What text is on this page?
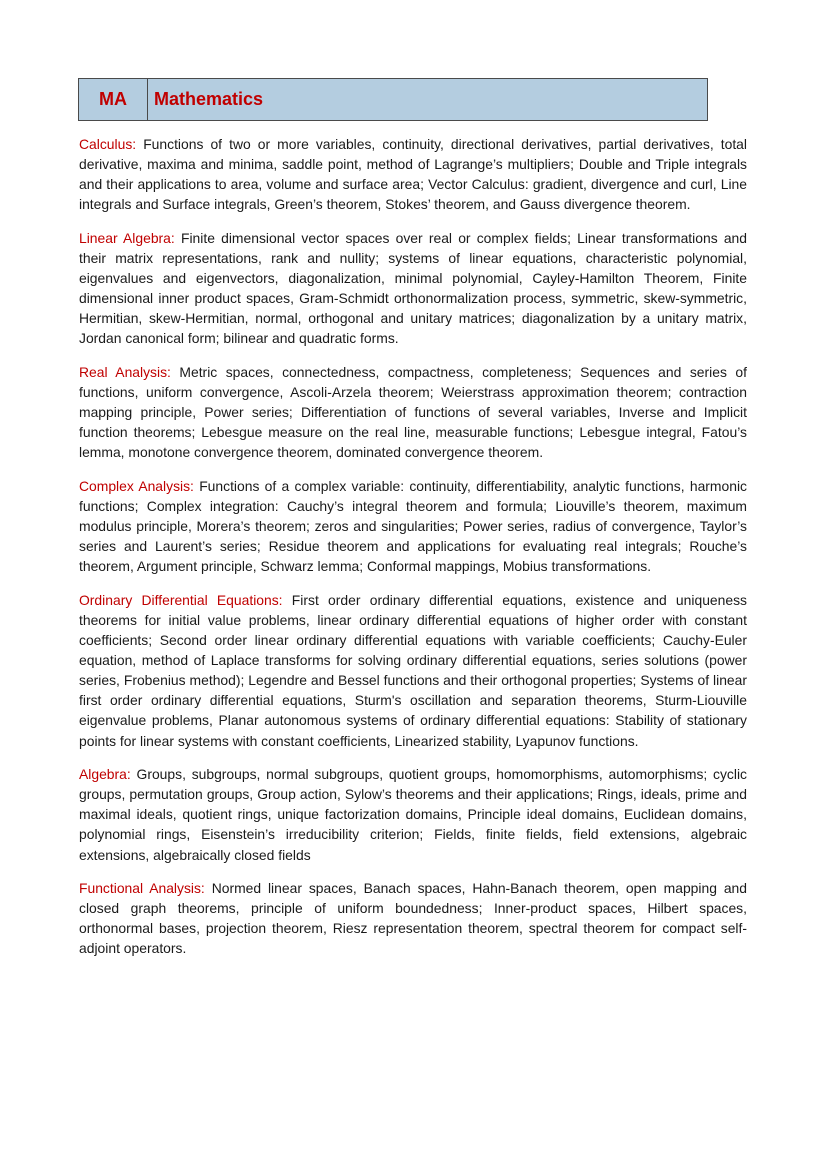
MA	Mathematics

Calculus: Functions of two or more variables, continuity, directional derivatives, partial derivatives, total derivative, maxima and minima, saddle point, method of Lagrange’s multipliers; Double and Triple integrals and their applications to area, volume and surface area; Vector Calculus: gradient, divergence and curl, Line integrals and Surface integrals, Green’s theorem, Stokes’ theorem, and Gauss divergence theorem.

Linear Algebra: Finite dimensional vector spaces over real or complex fields; Linear transformations and their matrix representations, rank and nullity; systems of linear equations, characteristic polynomial, eigenvalues and eigenvectors, diagonalization, minimal polynomial, Cayley-Hamilton Theorem, Finite dimensional inner product spaces, Gram-Schmidt orthonormalization process, symmetric, skew-symmetric, Hermitian, skew-Hermitian, normal, orthogonal and unitary matrices; diagonalization by a unitary matrix, Jordan canonical form; bilinear and quadratic forms.

Real Analysis: Metric spaces, connectedness, compactness, completeness; Sequences and series of functions, uniform convergence, Ascoli-Arzela theorem; Weierstrass approximation theorem; contraction mapping principle, Power series; Differentiation of functions of several variables, Inverse and Implicit function theorems; Lebesgue measure on the real line, measurable functions; Lebesgue integral, Fatou’s lemma, monotone convergence theorem, dominated convergence theorem.

Complex Analysis: Functions of a complex variable: continuity, differentiability, analytic functions, harmonic functions; Complex integration: Cauchy’s integral theorem and formula; Liouville’s theorem, maximum modulus principle, Morera’s theorem; zeros and singularities; Power series, radius of convergence, Taylor’s series and Laurent’s series; Residue theorem and applications for evaluating real integrals; Rouche’s theorem, Argument principle, Schwarz lemma; Conformal mappings, Mobius transformations.

Ordinary Differential Equations: First order ordinary differential equations, existence and uniqueness theorems for initial value problems, linear ordinary differential equations of higher order with constant coefficients; Second order linear ordinary differential equations with variable coefficients; Cauchy-Euler equation, method of Laplace transforms for solving ordinary differential equations, series solutions (power series, Frobenius method); Legendre and Bessel functions and their orthogonal properties; Systems of linear first order ordinary differential equations, Sturm's oscillation and separation theorems, Sturm-Liouville eigenvalue problems, Planar autonomous systems of ordinary differential equations: Stability of stationary points for linear systems with constant coefficients, Linearized stability, Lyapunov functions.

Algebra: Groups, subgroups, normal subgroups, quotient groups, homomorphisms, automorphisms; cyclic groups, permutation groups, Group action, Sylow’s theorems and their applications; Rings, ideals, prime and maximal ideals, quotient rings, unique factorization domains, Principle ideal domains, Euclidean domains, polynomial rings, Eisenstein’s irreducibility criterion; Fields, finite fields, field extensions, algebraic extensions, algebraically closed fields

Functional Analysis: Normed linear spaces, Banach spaces, Hahn-Banach theorem, open mapping and closed graph theorems, principle of uniform boundedness; Inner-product spaces, Hilbert spaces, orthonormal bases, projection theorem, Riesz representation theorem, spectral theorem for compact self-adjoint operators.
